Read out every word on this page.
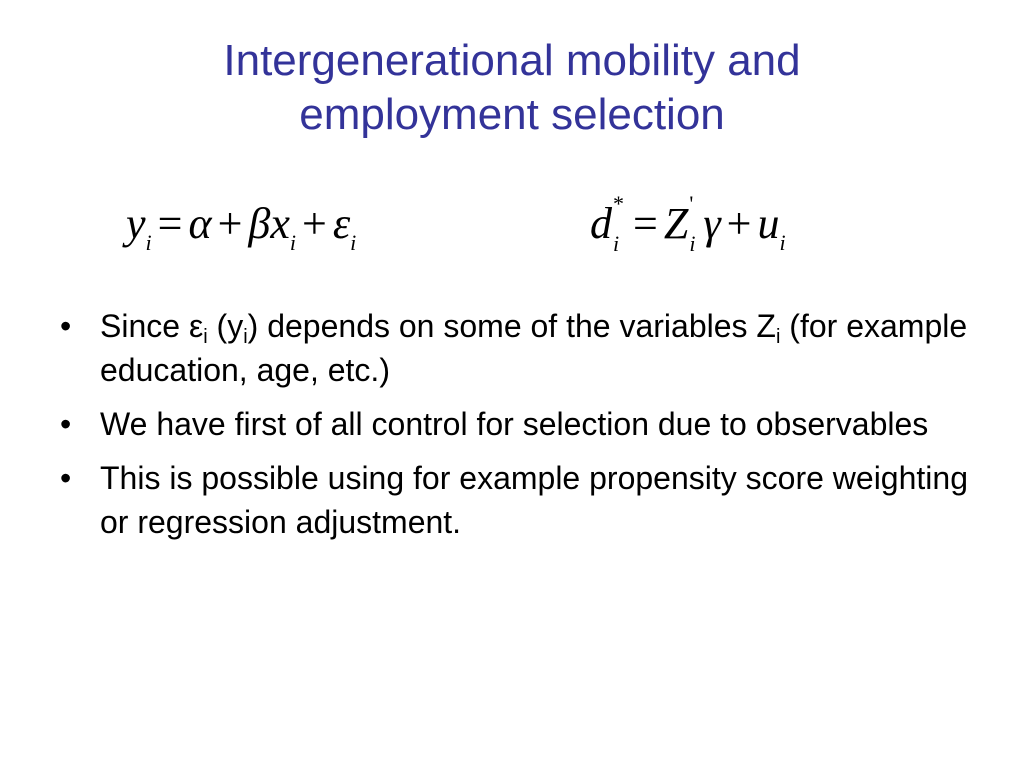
Intergenerational mobility and
employment selection
$y_i = \alpha + \beta x_i + \varepsilon_i$	d *
i = Z '
i $\gamma + u_i$
• Since $\varepsilon_i$ $(y_i)$ depends on some of the variables $Z_i$ (for example education, age, etc.)
• We have first of all control for selection due to observables
• This is possible using for example propensity score weighting or regression adjustment.
